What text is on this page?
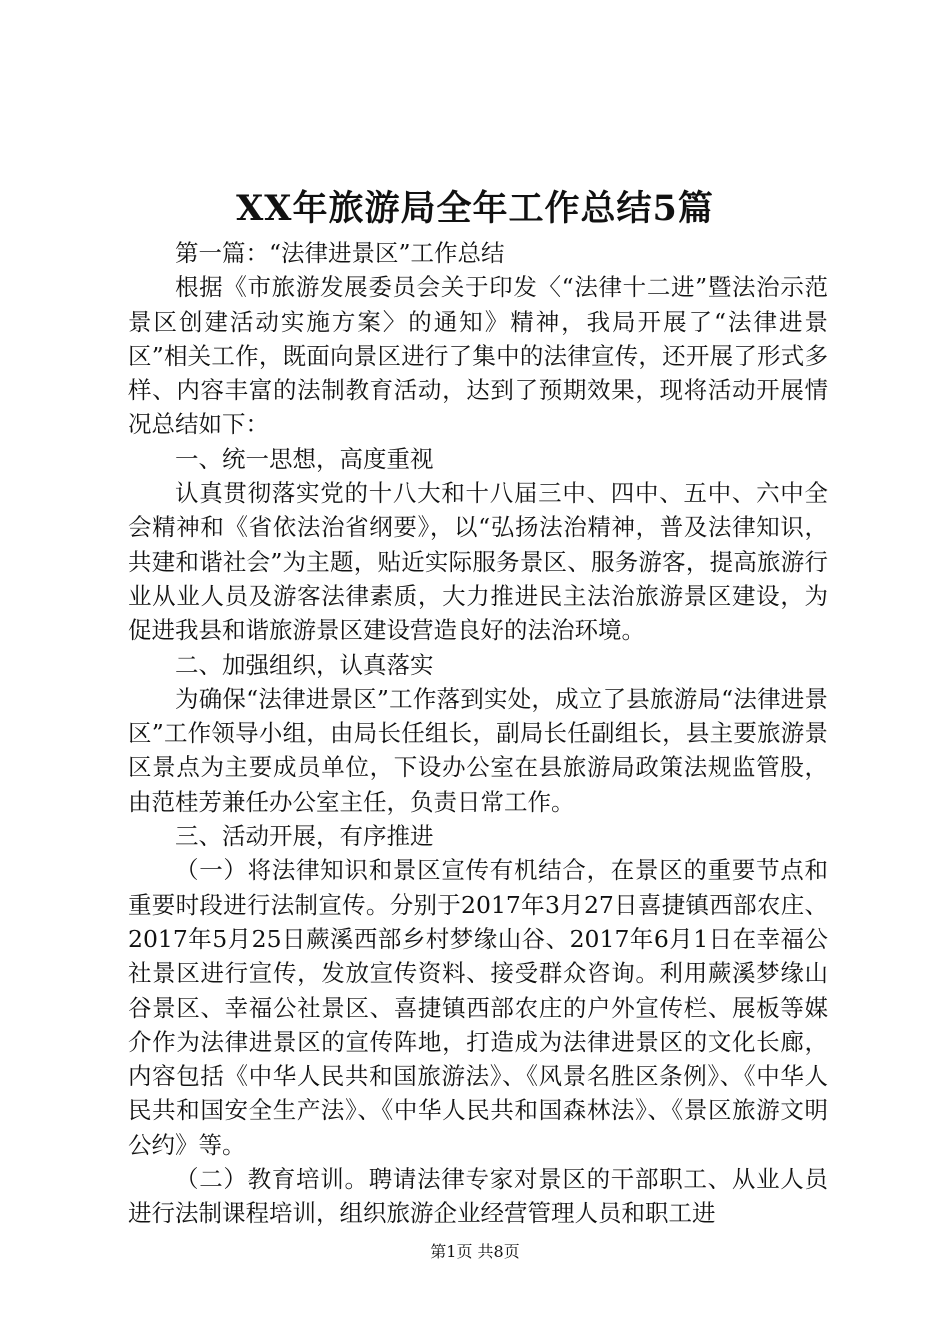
XX年旅游局全年工作总结5篇

第一篇：“法律进景区”工作总结

根据《市旅游发展委员会关于印发〈“法律十二进”暨法治示范景区创建活动实施方案〉的通知》精神，我局开展了“法律进景区”相关工作，既面向景区进行了集中的法律宣传，还开展了形式多样、内容丰富的法制教育活动，达到了预期效果，现将活动开展情况总结如下：

一、统一思想，高度重视

认真贯彻落实党的十八大和十八届三中、四中、五中、六中全会精神和《省依法治省纲要》，以“弘扬法治精神，普及法律知识，共建和谐社会”为主题，贴近实际服务景区、服务游客，提高旅游行业从业人员及游客法律素质，大力推进民主法治旅游景区建设，为促进我县和谐旅游景区建设营造良好的法治环境。

二、加强组织，认真落实

为确保“法律进景区”工作落到实处，成立了县旅游局“法律进景区”工作领导小组，由局长任组长，副局长任副组长，县主要旅游景区景点为主要成员单位，下设办公室在县旅游局政策法规监管股，由范桂芳兼任办公室主任，负责日常工作。

三、活动开展，有序推进

（一）将法律知识和景区宣传有机结合，在景区的重要节点和重要时段进行法制宣传。分别于2017年3月27日喜捷镇西部农庄、2017年5月25日蕨溪西部乡村梦缘山谷、2017年6月1日在幸福公社景区进行宣传，发放宣传资料、接受群众咨询。利用蕨溪梦缘山谷景区、幸福公社景区、喜捷镇西部农庄的户外宣传栏、展板等媒介作为法律进景区的宣传阵地，打造成为法律进景区的文化长廊，内容包括《中华人民共和国旅游法》、《风景名胜区条例》、《中华人民共和国安全生产法》、《中华人民共和国森林法》、《景区旅游文明公约》等。

（二）教育培训。聘请法律专家对景区的干部职工、从业人员进行法制课程培训，组织旅游企业经营管理人员和职工进

第1页 共8页
